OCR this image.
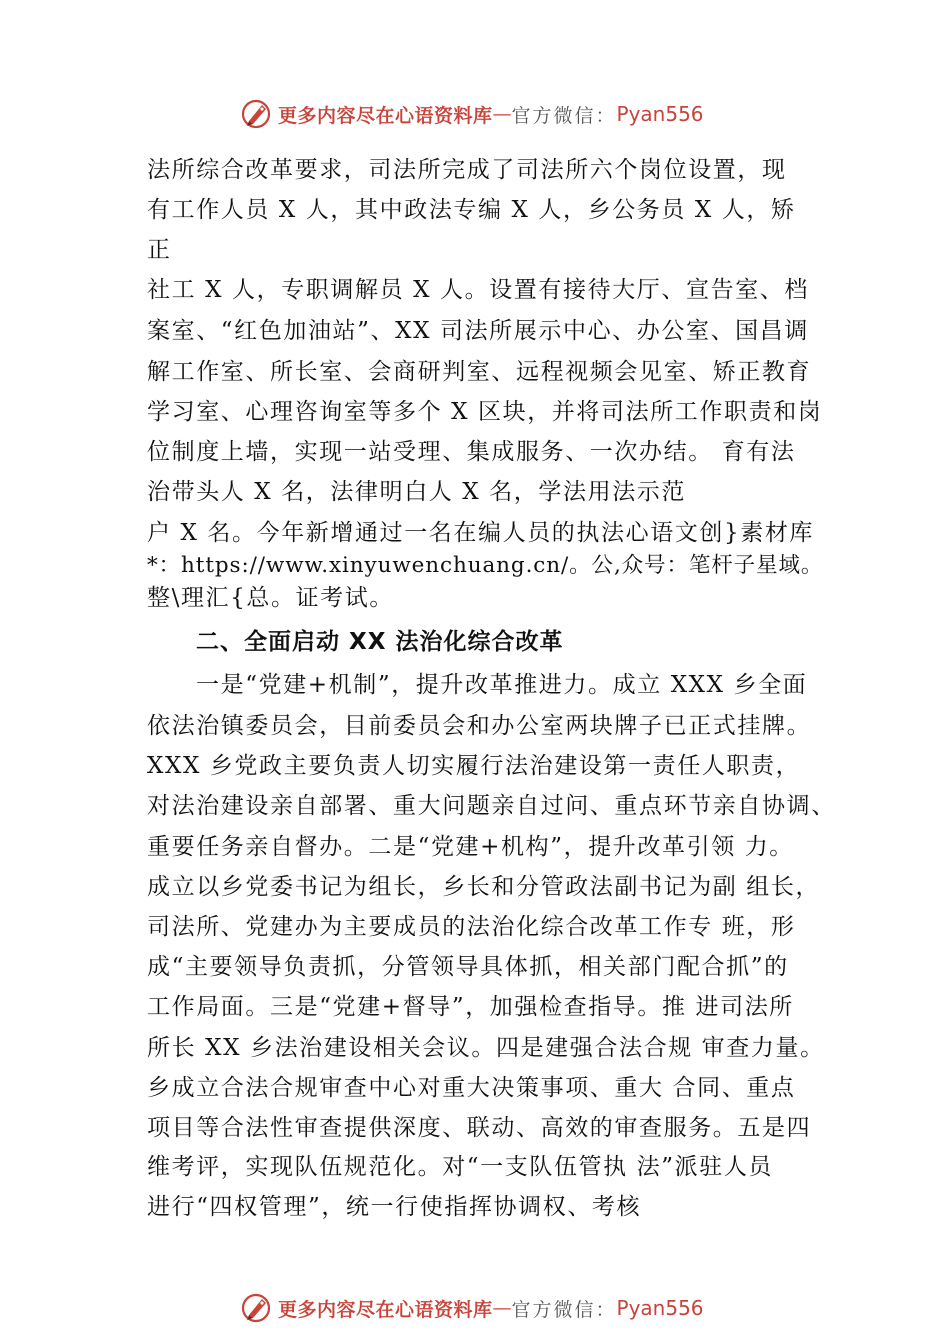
更多内容尽在心语资料库 — 官方微信： Pyan556
法所综合改革要求，司法所完成了司法所六个岗位设置，现
有工作人员 X 人，其中政法专编 X 人，乡公务员 X 人，矫
正
社工 X 人，专职调解员 X 人。设置有接待大厅、宣告室、档
案室、“红色加油站”、XX 司法所展示中心、办公室、国昌调
解工作室、所长室、会商研判室、远程视频会见室、矫正教育
学习室、心理咨询室等多个 X 区块，并将司法所工作职责和岗
位制度上墙，实现一站受理、集成服务、一次办结。 育有法
治带头人 X 名，法律明白人 X 名，学法用法示范
户 X 名。今年新增通过一名在编人员的执法心语文创}素材库
*：https://www.xinyuwenchuang.cn/。公,众号：笔杆子星域。
整\理汇{总。证考试。
二、全面启动 XX 法治化综合改革
一是“党建+机制”，提升改革推进力。成立 XXX 乡全面
依法治镇委员会，目前委员会和办公室两块牌子已正式挂牌。
XXX 乡党政主要负责人切实履行法治建设第一责任人职责，
对法治建设亲自部署、重大问题亲自过问、重点环节亲自协调、
重要任务亲自督办。二是“党建+机构”，提升改革引领 力。
成立以乡党委书记为组长，乡长和分管政法副书记为副 组长，
司法所、党建办为主要成员的法治化综合改革工作专 班，形
成“主要领导负责抓，分管领导具体抓，相关部门配合抓”的
工作局面。三是“党建+督导”，加强检查指导。推 进司法所
所长 XX 乡法治建设相关会议。四是建强合法合规 审查力量。
乡成立合法合规审查中心对重大决策事项、重大 合同、重点
项目等合法性审查提供深度、联动、高效的审查服务。五是四
维考评，实现队伍规范化。对“一支队伍管执 法”派驻人员
进行“四权管理”，统一行使指挥协调权、考核
更多内容尽在心语资料库 — 官方微信： Pyan556
